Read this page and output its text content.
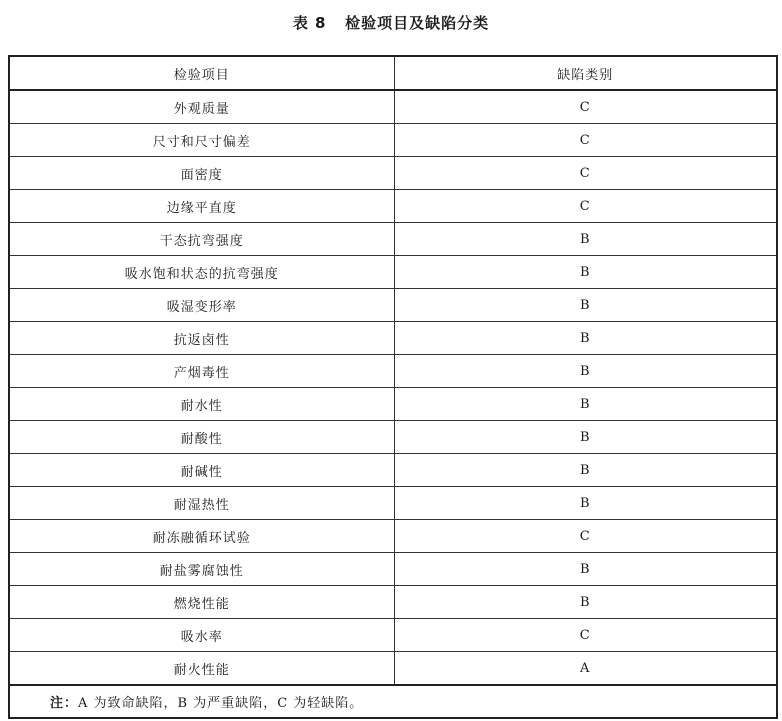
表 8   检验项目及缺陷分类
检验项目	缺陷类别
外观质量	C
尺寸和尺寸偏差	C
面密度	C
边缘平直度	C
干态抗弯强度	B
吸水饱和状态的抗弯强度	B
吸湿变形率	B
抗返卤性	B
产烟毒性	B
耐水性	B
耐酸性	B
耐碱性	B
耐湿热性	B
耐冻融循环试验	C
耐盐雾腐蚀性	B
燃烧性能	B
吸水率	C
耐火性能	A
注：A 为致命缺陷，B 为严重缺陷，C 为轻缺陷。	
